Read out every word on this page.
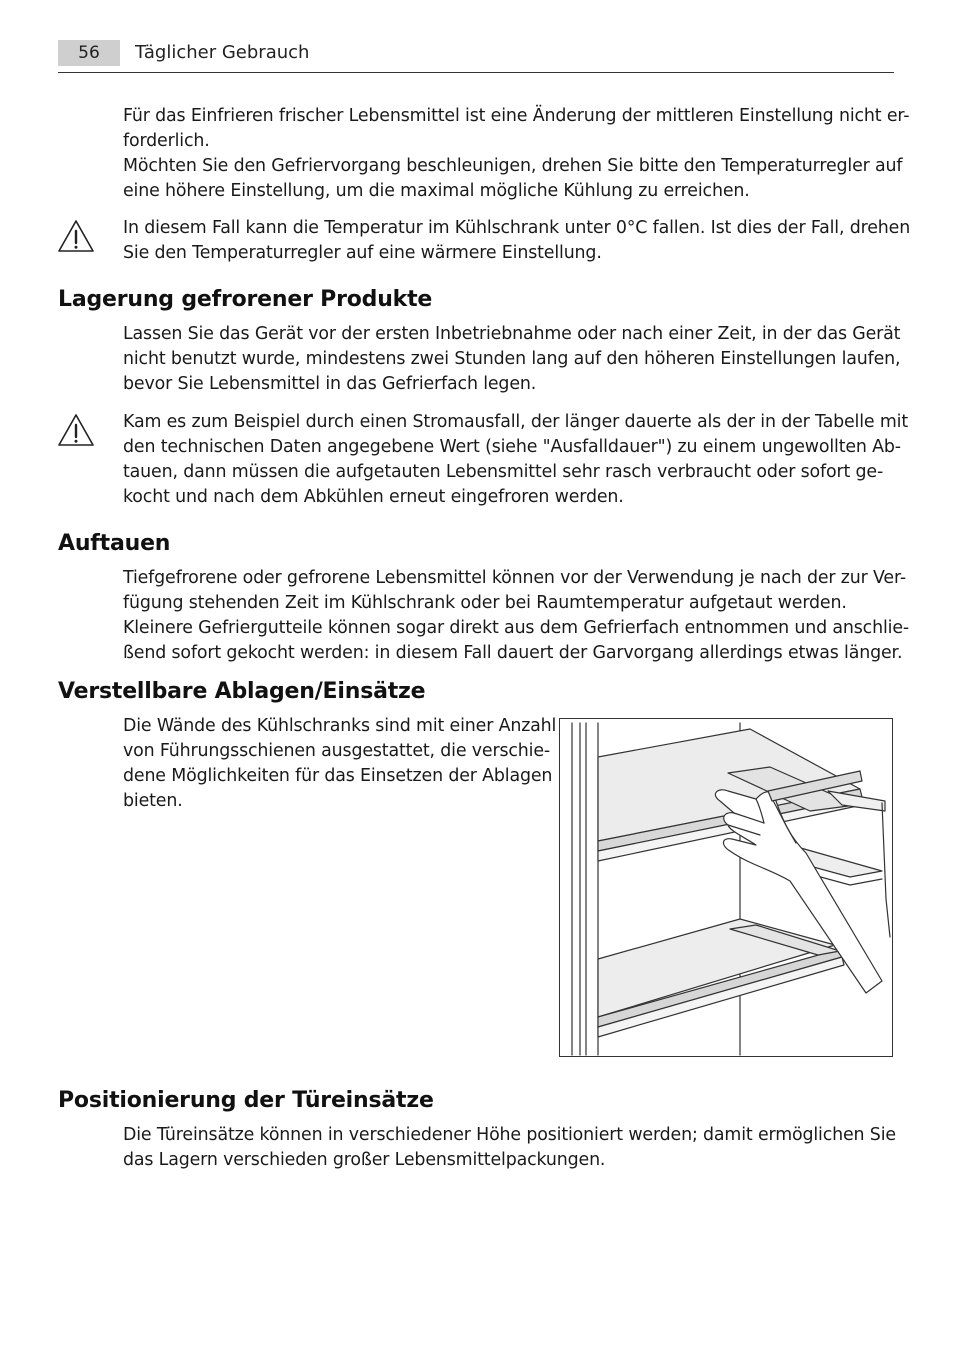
56	Täglicher Gebrauch

Für das Einfrieren frischer Lebensmittel ist eine Änderung der mittleren Einstellung nicht er-
forderlich.
Möchten Sie den Gefriervorgang beschleunigen, drehen Sie bitte den Temperaturregler auf
eine höhere Einstellung, um die maximal mögliche Kühlung zu erreichen.

In diesem Fall kann die Temperatur im Kühlschrank unter 0°C fallen. Ist dies der Fall, drehen
Sie den Temperaturregler auf eine wärmere Einstellung.

Lagerung gefrorener Produkte

Lassen Sie das Gerät vor der ersten Inbetriebnahme oder nach einer Zeit, in der das Gerät
nicht benutzt wurde, mindestens zwei Stunden lang auf den höheren Einstellungen laufen,
bevor Sie Lebensmittel in das Gefrierfach legen.

Kam es zum Beispiel durch einen Stromausfall, der länger dauerte als der in der Tabelle mit
den technischen Daten angegebene Wert (siehe "Ausfalldauer") zu einem ungewollten Ab-
tauen, dann müssen die aufgetauten Lebensmittel sehr rasch verbraucht oder sofort ge-
kocht und nach dem Abkühlen erneut eingefroren werden.

Auftauen

Tiefgefrorene oder gefrorene Lebensmittel können vor der Verwendung je nach der zur Ver-
fügung stehenden Zeit im Kühlschrank oder bei Raumtemperatur aufgetaut werden.
Kleinere Gefriergutteile können sogar direkt aus dem Gefrierfach entnommen und anschlie-
ßend sofort gekocht werden: in diesem Fall dauert der Garvorgang allerdings etwas länger.

Verstellbare Ablagen/Einsätze

Die Wände des Kühlschranks sind mit einer Anzahl
von Führungsschienen ausgestattet, die verschie-
dene Möglichkeiten für das Einsetzen der Ablagen
bieten.

Positionierung der Türeinsätze

Die Türeinsätze können in verschiedener Höhe positioniert werden; damit ermöglichen Sie
das Lagern verschieden großer Lebensmittelpackungen.
